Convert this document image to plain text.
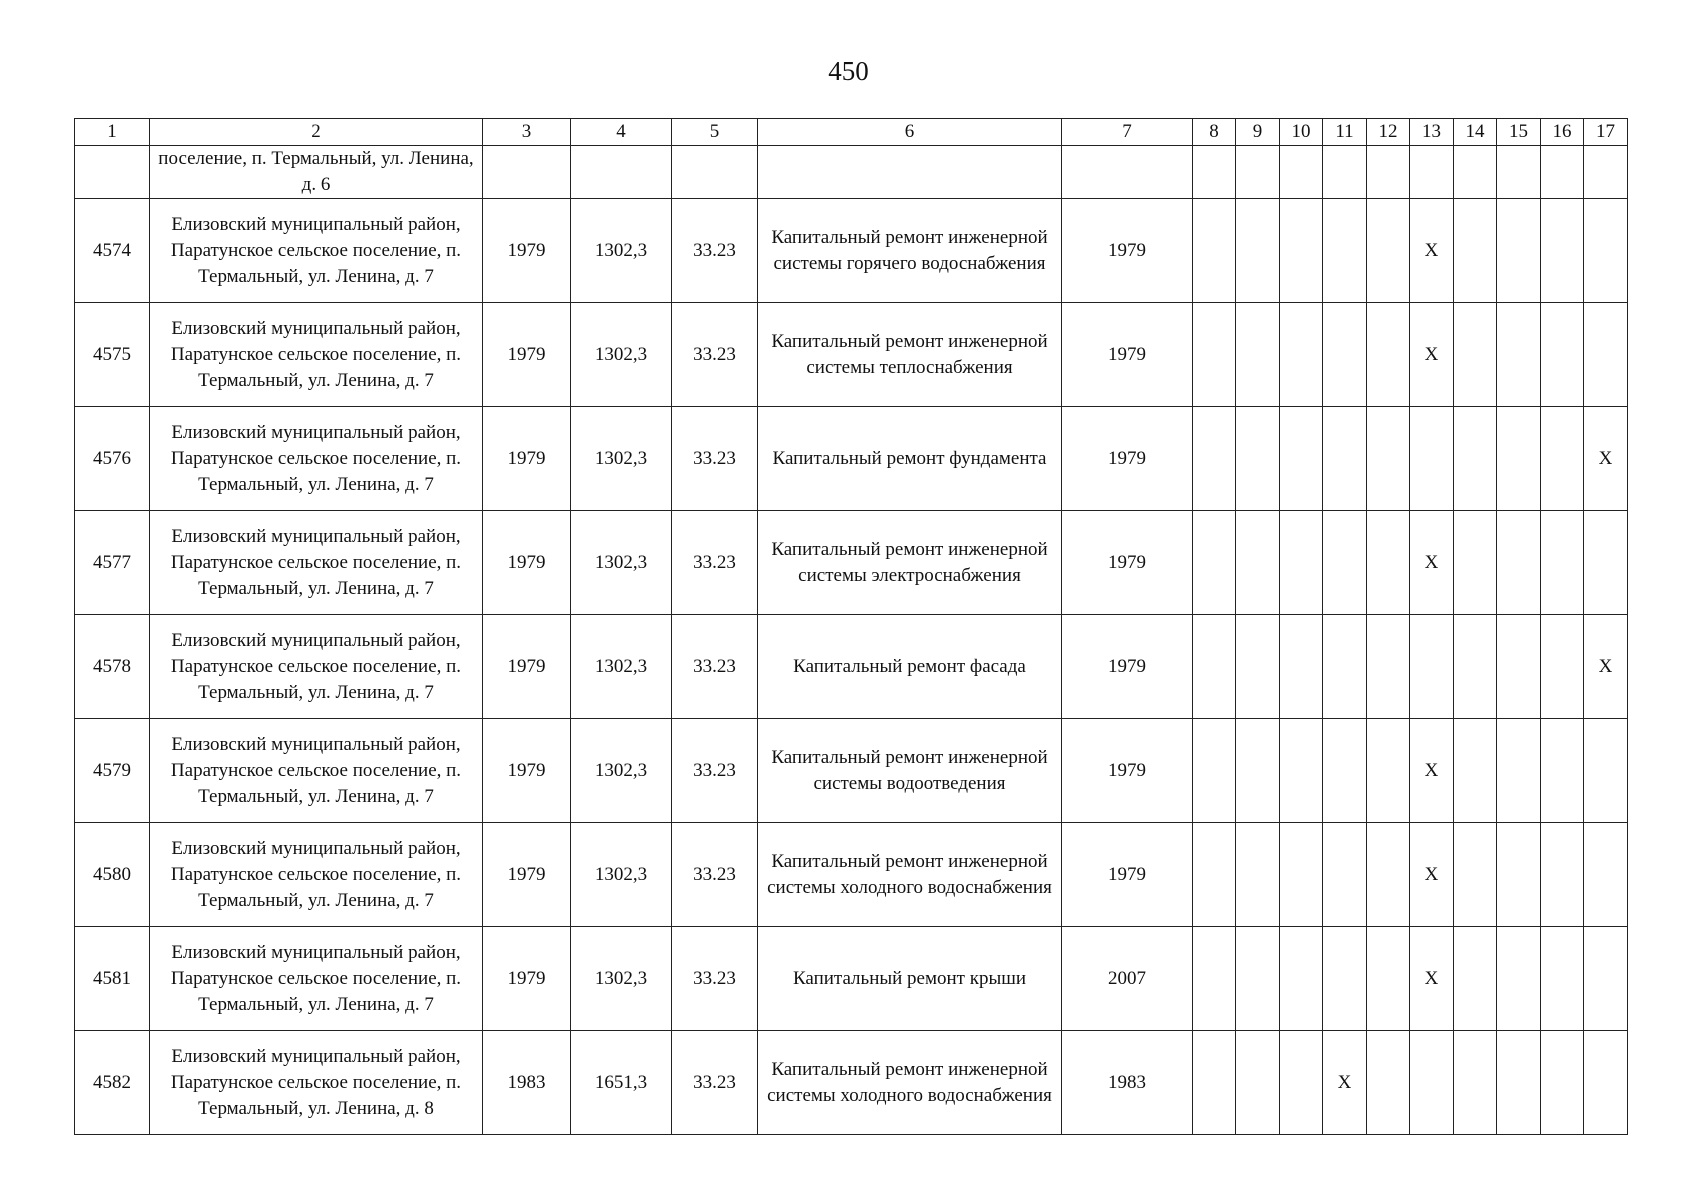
450
1	2	3	4	5	6	7	8	9	10	11	12	13	14	15	16	17
	поселение, п. Термальный, ул. Ленина, д. 6															
4574	Елизовский муниципальный район, Паратунское сельское поселение, п. Термальный, ул. Ленина, д. 7	1979	1302,3	33.23	Капитальный ремонт инженерной системы горячего водоснабжения	1979						X				
4575	Елизовский муниципальный район, Паратунское сельское поселение, п. Термальный, ул. Ленина, д. 7	1979	1302,3	33.23	Капитальный ремонт инженерной системы теплоснабжения	1979						X				
4576	Елизовский муниципальный район, Паратунское сельское поселение, п. Термальный, ул. Ленина, д. 7	1979	1302,3	33.23	Капитальный ремонт фундамента	1979										X
4577	Елизовский муниципальный район, Паратунское сельское поселение, п. Термальный, ул. Ленина, д. 7	1979	1302,3	33.23	Капитальный ремонт инженерной системы электроснабжения	1979						X				
4578	Елизовский муниципальный район, Паратунское сельское поселение, п. Термальный, ул. Ленина, д. 7	1979	1302,3	33.23	Капитальный ремонт фасада	1979										X
4579	Елизовский муниципальный район, Паратунское сельское поселение, п. Термальный, ул. Ленина, д. 7	1979	1302,3	33.23	Капитальный ремонт инженерной системы водоотведения	1979						X				
4580	Елизовский муниципальный район, Паратунское сельское поселение, п. Термальный, ул. Ленина, д. 7	1979	1302,3	33.23	Капитальный ремонт инженерной системы холодного водоснабжения	1979						X				
4581	Елизовский муниципальный район, Паратунское сельское поселение, п. Термальный, ул. Ленина, д. 7	1979	1302,3	33.23	Капитальный ремонт крыши	2007						X				
4582	Елизовский муниципальный район, Паратунское сельское поселение, п. Термальный, ул. Ленина, д. 8	1983	1651,3	33.23	Капитальный ремонт инженерной системы холодного водоснабжения	1983				X						
